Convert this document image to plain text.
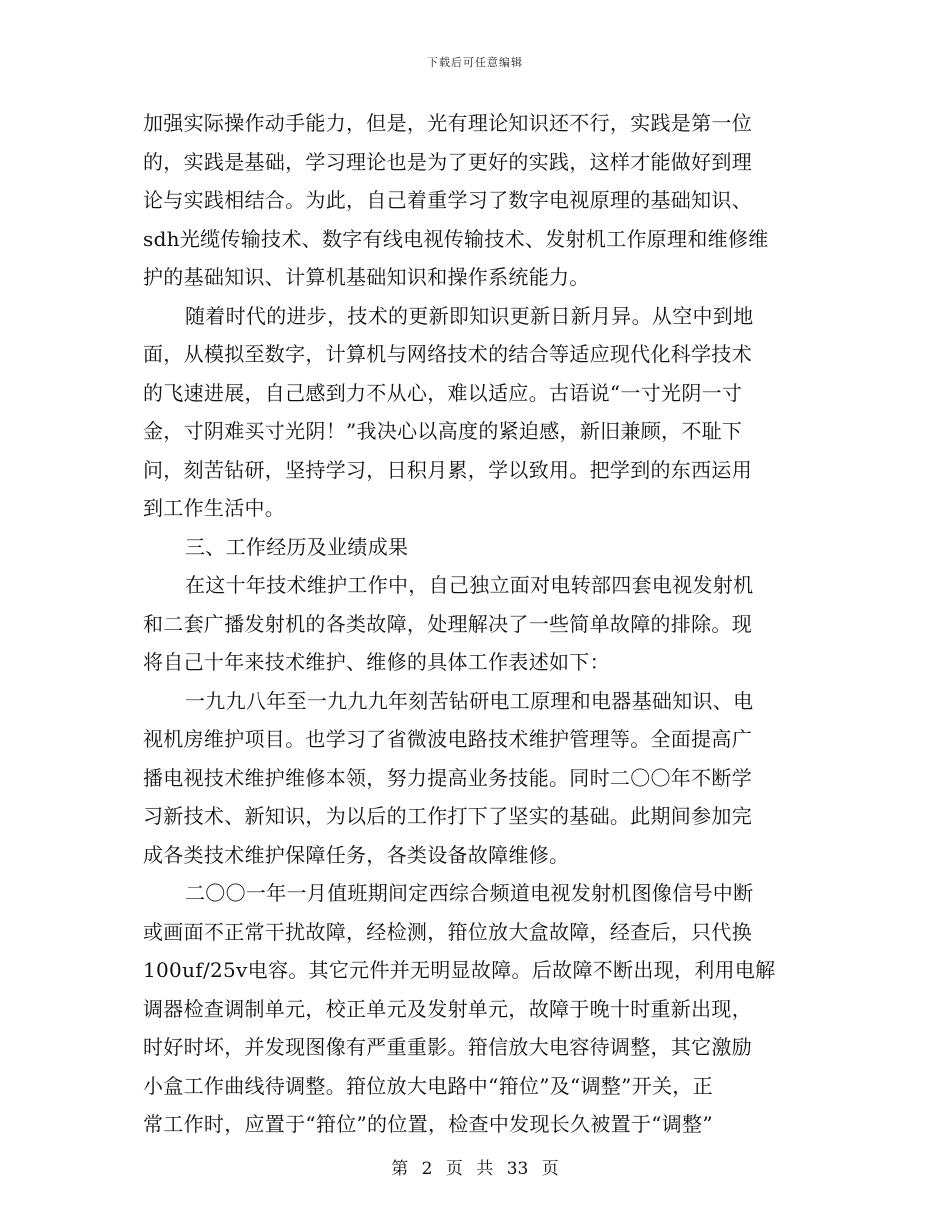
下载后可任意编辑
加强实际操作动手能力，但是，光有理论知识还不行，实践是第一位
的，实践是基础，学习理论也是为了更好的实践，这样才能做好到理
论与实践相结合。为此，自己着重学习了数字电视原理的基础知识、
sdh光缆传输技术、数字有线电视传输技术、发射机工作原理和维修维
护的基础知识、计算机基础知识和操作系统能力。
随着时代的进步，技术的更新即知识更新日新月异。从空中到地
面，从模拟至数字，计算机与网络技术的结合等适应现代化科学技术
的飞速进展，自己感到力不从心，难以适应。古语说“一寸光阴一寸
金，寸阴难买寸光阴！”我决心以高度的紧迫感，新旧兼顾，不耻下
问，刻苦钻研，坚持学习，日积月累，学以致用。把学到的东西运用
到工作生活中。
三、工作经历及业绩成果
在这十年技术维护工作中，自己独立面对电转部四套电视发射机
和二套广播发射机的各类故障，处理解决了一些简单故障的排除。现
将自己十年来技术维护、维修的具体工作表述如下：
一九九八年至一九九九年刻苦钻研电工原理和电器基础知识、电
视机房维护项目。也学习了省微波电路技术维护管理等。全面提高广
播电视技术维护维修本领，努力提高业务技能。同时二〇〇年不断学
习新技术、新知识，为以后的工作打下了坚实的基础。此期间参加完
成各类技术维护保障任务，各类设备故障维修。
二〇〇一年一月值班期间定西综合频道电视发射机图像信号中断
或画面不正常干扰故障，经检测，箝位放大盒故障，经查后，只代换
100uf/25v电容。其它元件并无明显故障。后故障不断出现，利用电解
调器检查调制单元，校正单元及发射单元，故障于晚十时重新出现，
时好时坏，并发现图像有严重重影。箝信放大电容待调整，其它激励
小盒工作曲线待调整。箝位放大电路中“箝位”及“调整”开关，正
常工作时，应置于“箝位”的位置，检查中发现长久被置于“调整”
第 2 页 共 33 页
